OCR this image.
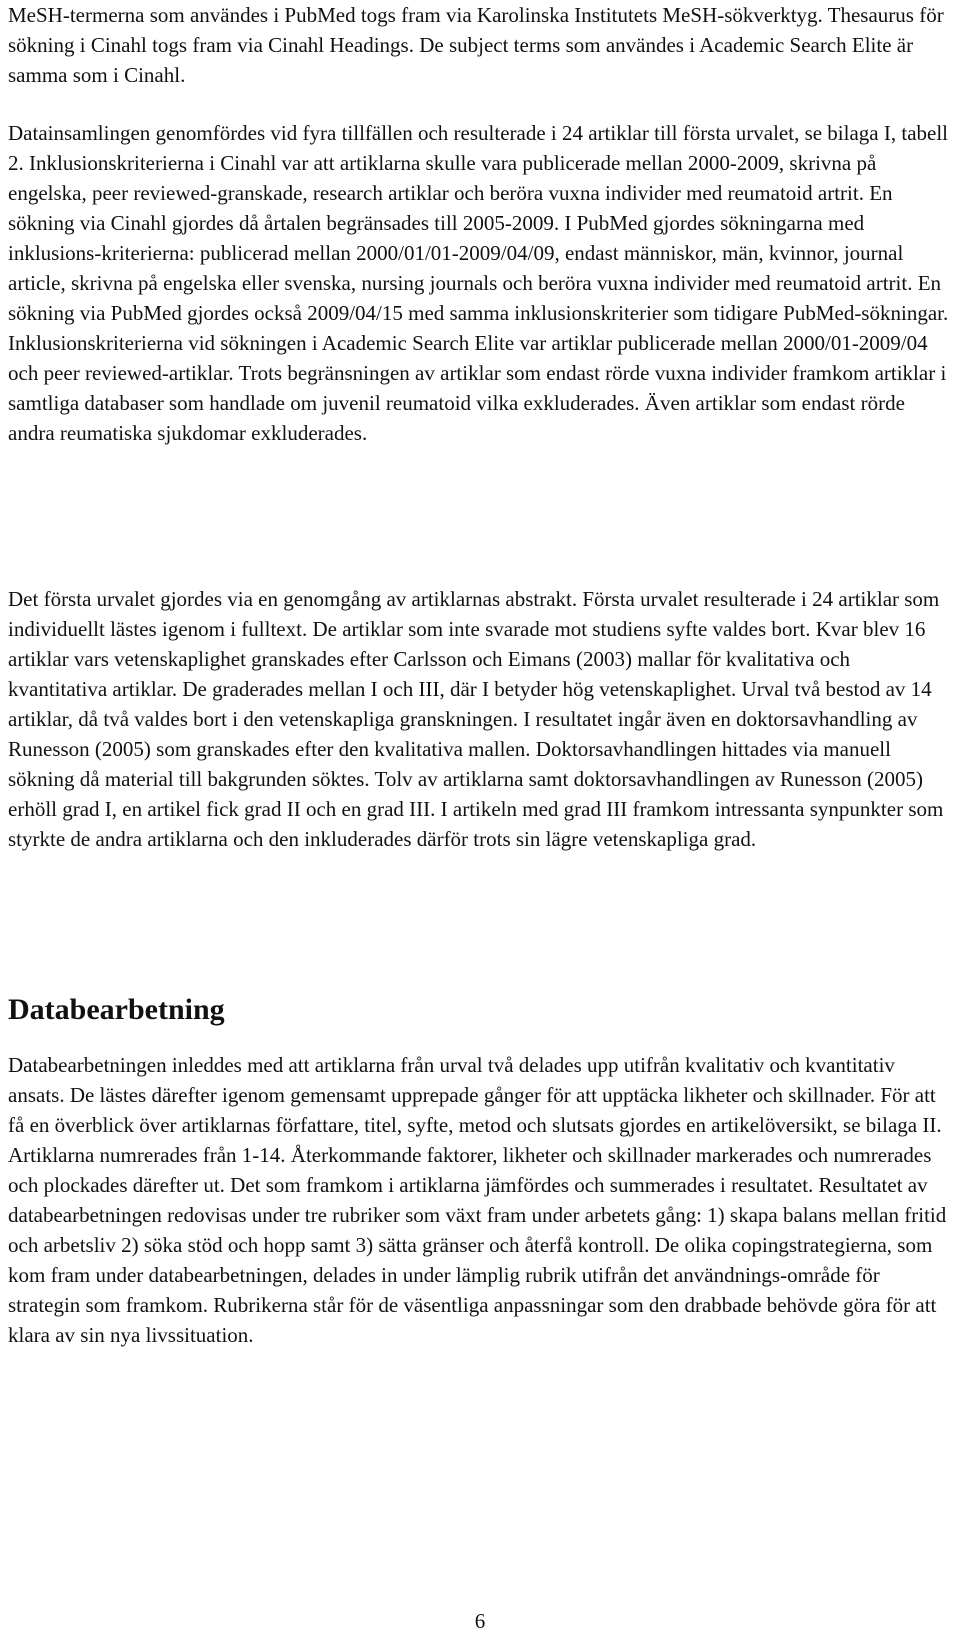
MeSH-termerna som användes i PubMed togs fram via Karolinska Institutets MeSH-sökverktyg. Thesaurus för sökning i Cinahl togs fram via Cinahl Headings. De subject terms som användes i Academic Search Elite är samma som i Cinahl.

Datainsamlingen genomfördes vid fyra tillfällen och resulterade i 24 artiklar till första urvalet, se bilaga I, tabell 2. Inklusionskriterierna i Cinahl var att artiklarna skulle vara publicerade mellan 2000-2009, skrivna på engelska, peer reviewed-granskade, research artiklar och beröra vuxna individer med reumatoid artrit. En sökning via Cinahl gjordes då årtalen begränsades till 2005-2009. I PubMed gjordes sökningarna med inklusions-kriterierna: publicerad mellan 2000/01/01-2009/04/09, endast människor, män, kvinnor, journal article, skrivna på engelska eller svenska, nursing journals och beröra vuxna individer med reumatoid artrit. En sökning via PubMed gjordes också 2009/04/15 med samma inklusionskriterier som tidigare PubMed-sökningar. Inklusionskriterierna vid sökningen i Academic Search Elite var artiklar publicerade mellan 2000/01-2009/04 och peer reviewed-artiklar. Trots begränsningen av artiklar som endast rörde vuxna individer framkom artiklar i samtliga databaser som handlade om juvenil reumatoid vilka exkluderades. Även artiklar som endast rörde andra reumatiska sjukdomar exkluderades.

Det första urvalet gjordes via en genomgång av artiklarnas abstrakt. Första urvalet resulterade i 24 artiklar som individuellt lästes igenom i fulltext. De artiklar som inte svarade mot studiens syfte valdes bort. Kvar blev 16 artiklar vars vetenskaplighet granskades efter Carlsson och Eimans (2003) mallar för kvalitativa och kvantitativa artiklar. De graderades mellan I och III, där I betyder hög vetenskaplighet. Urval två bestod av 14 artiklar, då två valdes bort i den vetenskapliga granskningen. I resultatet ingår även en doktorsavhandling av Runesson (2005) som granskades efter den kvalitativa mallen. Doktorsavhandlingen hittades via manuell sökning då material till bakgrunden söktes. Tolv av artiklarna samt doktorsavhandlingen av Runesson (2005) erhöll grad I, en artikel fick grad II och en grad III. I artikeln med grad III framkom intressanta synpunkter som styrkte de andra artiklarna och den inkluderades därför trots sin lägre vetenskapliga grad.

Databearbetning

Databearbetningen inleddes med att artiklarna från urval två delades upp utifrån kvalitativ och kvantitativ ansats. De lästes därefter igenom gemensamt upprepade gånger för att upptäcka likheter och skillnader. För att få en överblick över artiklarnas författare, titel, syfte, metod och slutsats gjordes en artikelöversikt, se bilaga II. Artiklarna numrerades från 1-14. Återkommande faktorer, likheter och skillnader markerades och numrerades och plockades därefter ut. Det som framkom i artiklarna jämfördes och summerades i resultatet. Resultatet av databearbetningen redovisas under tre rubriker som växt fram under arbetets gång: 1) skapa balans mellan fritid och arbetsliv 2) söka stöd och hopp samt 3) sätta gränser och återfå kontroll. De olika copingstrategierna, som kom fram under databearbetningen, delades in under lämplig rubrik utifrån det användnings-område för strategin som framkom. Rubrikerna står för de väsentliga anpassningar som den drabbade behövde göra för att klara av sin nya livssituation.

6
